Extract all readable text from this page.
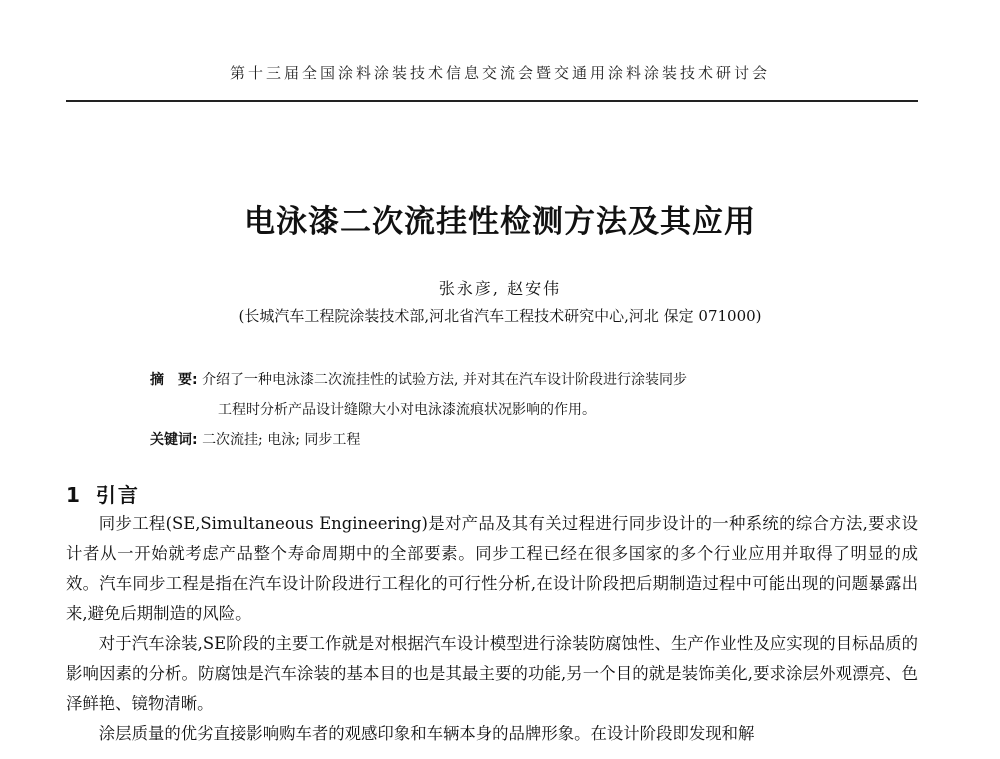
第十三届全国涂料涂装技术信息交流会暨交通用涂料涂装技术研讨会
电泳漆二次流挂性检测方法及其应用
张永彦, 赵安伟
(长城汽车工程院涂装技术部,河北省汽车工程技术研究中心,河北 保定 071000)
摘　要: 介绍了一种电泳漆二次流挂性的试验方法, 并对其在汽车设计阶段进行涂装同步
工程时分析产品设计缝隙大小对电泳漆流痕状况影响的作用。
关键词: 二次流挂; 电泳; 同步工程
1 引言

同步工程(SE,Simultaneous Engineering)是对产品及其有关过程进行同步设计的一种系统的综合方法,要求设计者从一开始就考虑产品整个寿命周期中的全部要素。同步工程已经在很多国家的多个行业应用并取得了明显的成效。汽车同步工程是指在汽车设计阶段进行工程化的可行性分析,在设计阶段把后期制造过程中可能出现的问题暴露出来,避免后期制造的风险。

对于汽车涂装,SE阶段的主要工作就是对根据汽车设计模型进行涂装防腐蚀性、生产作业性及应实现的目标品质的影响因素的分析。防腐蚀是汽车涂装的基本目的也是其最主要的功能,另一个目的就是装饰美化,要求涂层外观漂亮、色泽鲜艳、镜物清晰。

涂层质量的优劣直接影响购车者的观感印象和车辆本身的品牌形象。在设计阶段即发现和解
